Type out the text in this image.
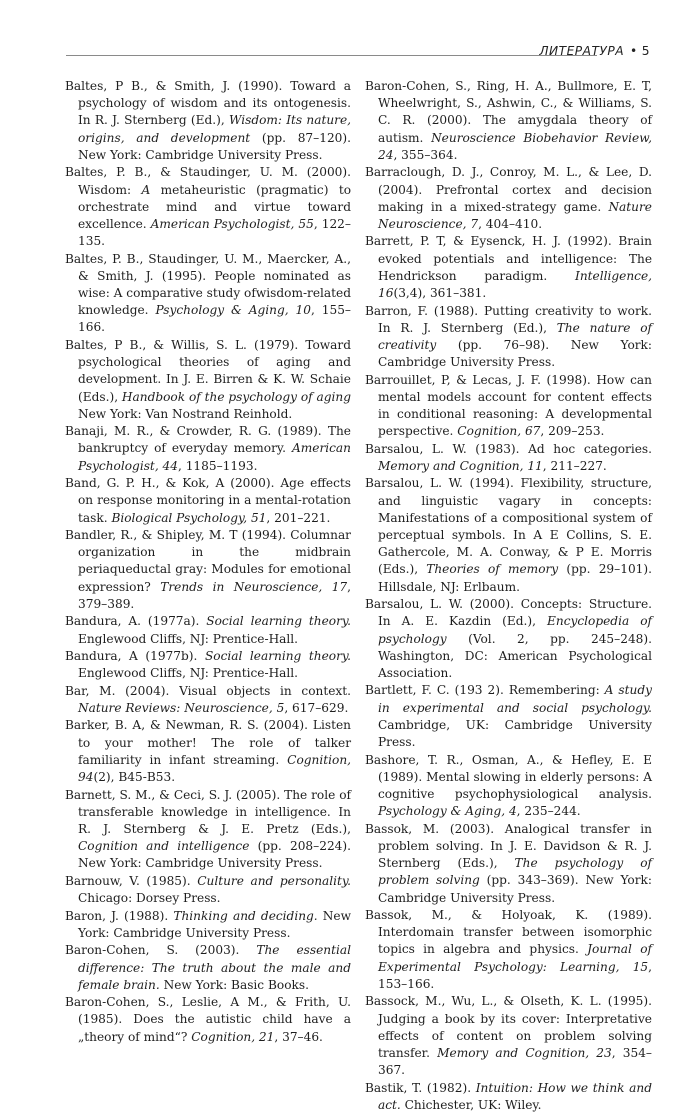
ЛИТЕРАТУРА • 5

Baltes, P B., & Smith, J. (1990). Toward a psychology of wisdom and its ontogenesis. In R. J. Sternberg (Ed.), Wisdom: Its nature, origins, and development (pp. 87–120). New York: Cambridge University Press.

Baltes, P. B., & Staudinger, U. M. (2000). Wisdom: A metaheuristic (pragmatic) to orchestrate mind and virtue toward excellence. American Psychologist, 55, 122–135.

Baltes, P. B., Staudinger, U. M., Maercker, A., & Smith, J. (1995). People nominated as wise: A comparative study ofwisdom-related knowledge. Psychology & Aging, 10, 155–166.

Baltes, P B., & Willis, S. L. (1979). Toward psychological theories of aging and development. In J. E. Birren & K. W. Schaie (Eds.), Handbook of the psychology of aging New York: Van Nostrand Reinhold.

Banaji, M. R., & Crowder, R. G. (1989). The bankruptcy of everyday memory. American Psychologist, 44, 1185–1193.

Band, G. P. H., & Kok, A (2000). Age effects on response monitoring in a mental-rotation task. Biological Psychology, 51, 201–221.

Bandler, R., & Shipley, M. T (1994). Columnar organization in the midbrain periaqueductal gray: Modules for emotional expression? Trends in Neuroscience, 17, 379–389.

Bandura, A. (1977a). Social learning theory. Englewood Cliffs, NJ: Prentice-Hall.

Bandura, A (1977b). Social learning theory. Englewood Cliffs, NJ: Prentice-Hall.

Bar, M. (2004). Visual objects in context. Nature Reviews: Neuroscience, 5, 617–629.

Barker, B. A, & Newman, R. S. (2004). Listen to your mother! The role of talker familiarity in infant streaming. Cognition, 94(2), B45-B53.

Barnett, S. M., & Ceci, S. J. (2005). The role of transferable knowledge in intelligence. In R. J. Sternberg & J. E. Pretz (Eds.), Cognition and intelligence (pp. 208–224). New York: Cambridge University Press.

Barnouw, V. (1985). Culture and personality. Chicago: Dorsey Press.

Baron, J. (1988). Thinking and deciding. New York: Cambridge University Press.

Baron-Cohen, S. (2003). The essential difference: The truth about the male and female brain. New York: Basic Books.

Baron-Cohen, S., Leslie, A M., & Frith, U. (1985). Does the autistic child have a „theory of mind“? Cognition, 21, 37–46.

Baron-Cohen, S., Ring, H. A., Bullmore, E. T, Wheelwright, S., Ashwin, C., & Williams, S. C. R. (2000). The amygdala theory of autism. Neuroscience Biobehavior Review, 24, 355–364.

Barraclough, D. J., Conroy, M. L., & Lee, D. (2004). Prefrontal cortex and decision making in a mixed-strategy game. Nature Neuroscience, 7, 404–410.

Barrett, P. T, & Eysenck, H. J. (1992). Brain evoked potentials and intelligence: The Hendrickson paradigm. Intelligence, 16(3,4), 361–381.

Barron, F. (1988). Putting creativity to work. In R. J. Sternberg (Ed.), The nature of creativity (pp. 76–98). New York: Cambridge University Press.

Barrouillet, P, & Lecas, J. F. (1998). How can mental models account for content effects in conditional reasoning: A developmental perspective. Cognition, 67, 209–253.

Barsalou, L. W. (1983). Ad hoc categories. Memory and Cognition, 11, 211–227.

Barsalou, L. W. (1994). Flexibility, structure, and linguistic vagary in concepts: Manifestations of a compositional system of perceptual symbols. In A E Collins, S. E. Gathercole, M. A. Conway, & P E. Morris (Eds.), Theories of memory (pp. 29–101). Hillsdale, NJ: Erlbaum.

Barsalou, L. W. (2000). Concepts: Structure. In A. E. Kazdin (Ed.), Encyclopedia of psychology (Vol. 2, pp. 245–248). Washington, DC: American Psychological Association.

Bartlett, F. C. (193 2). Remembering: A study in experimental and social psychology. Cambridge, UK: Cambridge University Press.

Bashore, T. R., Osman, A., & Hefley, E. E (1989). Mental slowing in elderly persons: A cognitive psychophysiological analysis. Psychology & Aging, 4, 235–244.

Bassok, M. (2003). Analogical transfer in problem solving. In J. E. Davidson & R. J. Sternberg (Eds.), The psychology of problem solving (pp. 343–369). New York: Cambridge University Press.

Bassok, M., & Holyoak, K. (1989). Interdomain transfer between isomorphic topics in algebra and physics. Journal of Experimental Psychology: Learning, 15, 153–166.

Bassock, M., Wu, L., & Olseth, K. L. (1995). Judging a book by its cover: Interpretative effects of content on problem solving transfer. Memory and Cognition, 23, 354–367.

Bastik, T. (1982). Intuition: How we think and act. Chichester, UK: Wiley.
